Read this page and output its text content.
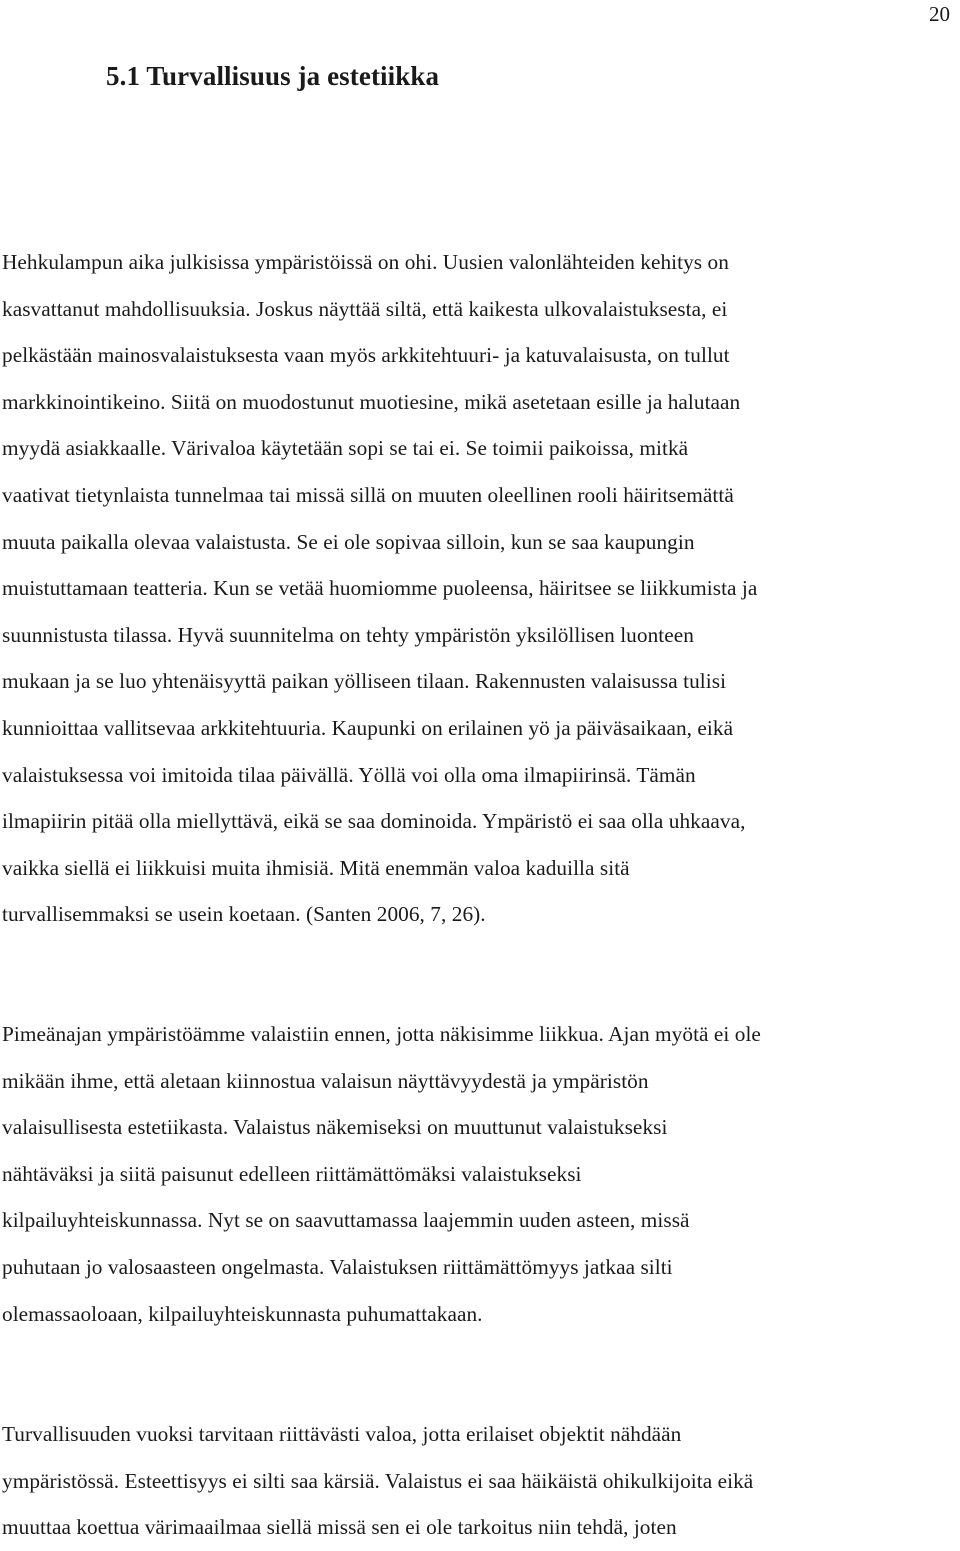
20
5.1 Turvallisuus ja estetiikka
Hehkulampun aika julkisissa ympäristöissä on ohi. Uusien valonlähteiden kehitys on
kasvattanut mahdollisuuksia. Joskus näyttää siltä, että kaikesta ulkovalaistuksesta, ei
pelkästään mainosvalaistuksesta vaan myös arkkitehtuuri- ja katuvalaisusta, on tullut
markkinointikeino. Siitä on muodostunut muotiesine, mikä asetetaan esille ja halutaan
myydä asiakkaalle. Värivaloa käytetään sopi se tai ei. Se toimii paikoissa, mitkä
vaativat tietynlaista tunnelmaa tai missä sillä on muuten oleellinen rooli häiritsemättä
muuta paikalla olevaa valaistusta. Se ei ole sopivaa silloin, kun se saa kaupungin
muistuttamaan teatteria. Kun se vetää huomiomme puoleensa, häiritsee se liikkumista ja
suunnistusta tilassa. Hyvä suunnitelma on tehty ympäristön yksilöllisen luonteen
mukaan ja se luo yhtenäisyyttä paikan yölliseen tilaan. Rakennusten valaisussa tulisi
kunnioittaa vallitsevaa arkkitehtuuria. Kaupunki on erilainen yö ja päiväsaikaan, eikä
valaistuksessa voi imitoida tilaa päivällä. Yöllä voi olla oma ilmapiirinsä. Tämän
ilmapiirin pitää olla miellyttävä, eikä se saa dominoida. Ympäristö ei saa olla uhkaava,
vaikka siellä ei liikkuisi muita ihmisiä. Mitä enemmän valoa kaduilla sitä
turvallisemmaksi se usein koetaan. (Santen 2006, 7, 26).
Pimeänajan ympäristöämme valaistiin ennen, jotta näkisimme liikkua. Ajan myötä ei ole
mikään ihme, että aletaan kiinnostua valaisun näyttävyydestä ja ympäristön
valaisullisesta estetiikasta. Valaistus näkemiseksi on muuttunut valaistukseksi
nähtäväksi ja siitä paisunut edelleen riittämättömäksi valaistukseksi
kilpailuyhteiskunnassa. Nyt se on saavuttamassa laajemmin uuden asteen, missä
puhutaan jo valosaasteen ongelmasta. Valaistuksen riittämättömyys jatkaa silti
olemassaoloaan, kilpailuyhteiskunnasta puhumattakaan.
Turvallisuuden vuoksi tarvitaan riittävästi valoa, jotta erilaiset objektit nähdään
ympäristössä. Esteettisyys ei silti saa kärsiä. Valaistus ei saa häikäistä ohikulkijoita eikä
muuttaa koettua värimaailmaa siellä missä sen ei ole tarkoitus niin tehdä, joten
